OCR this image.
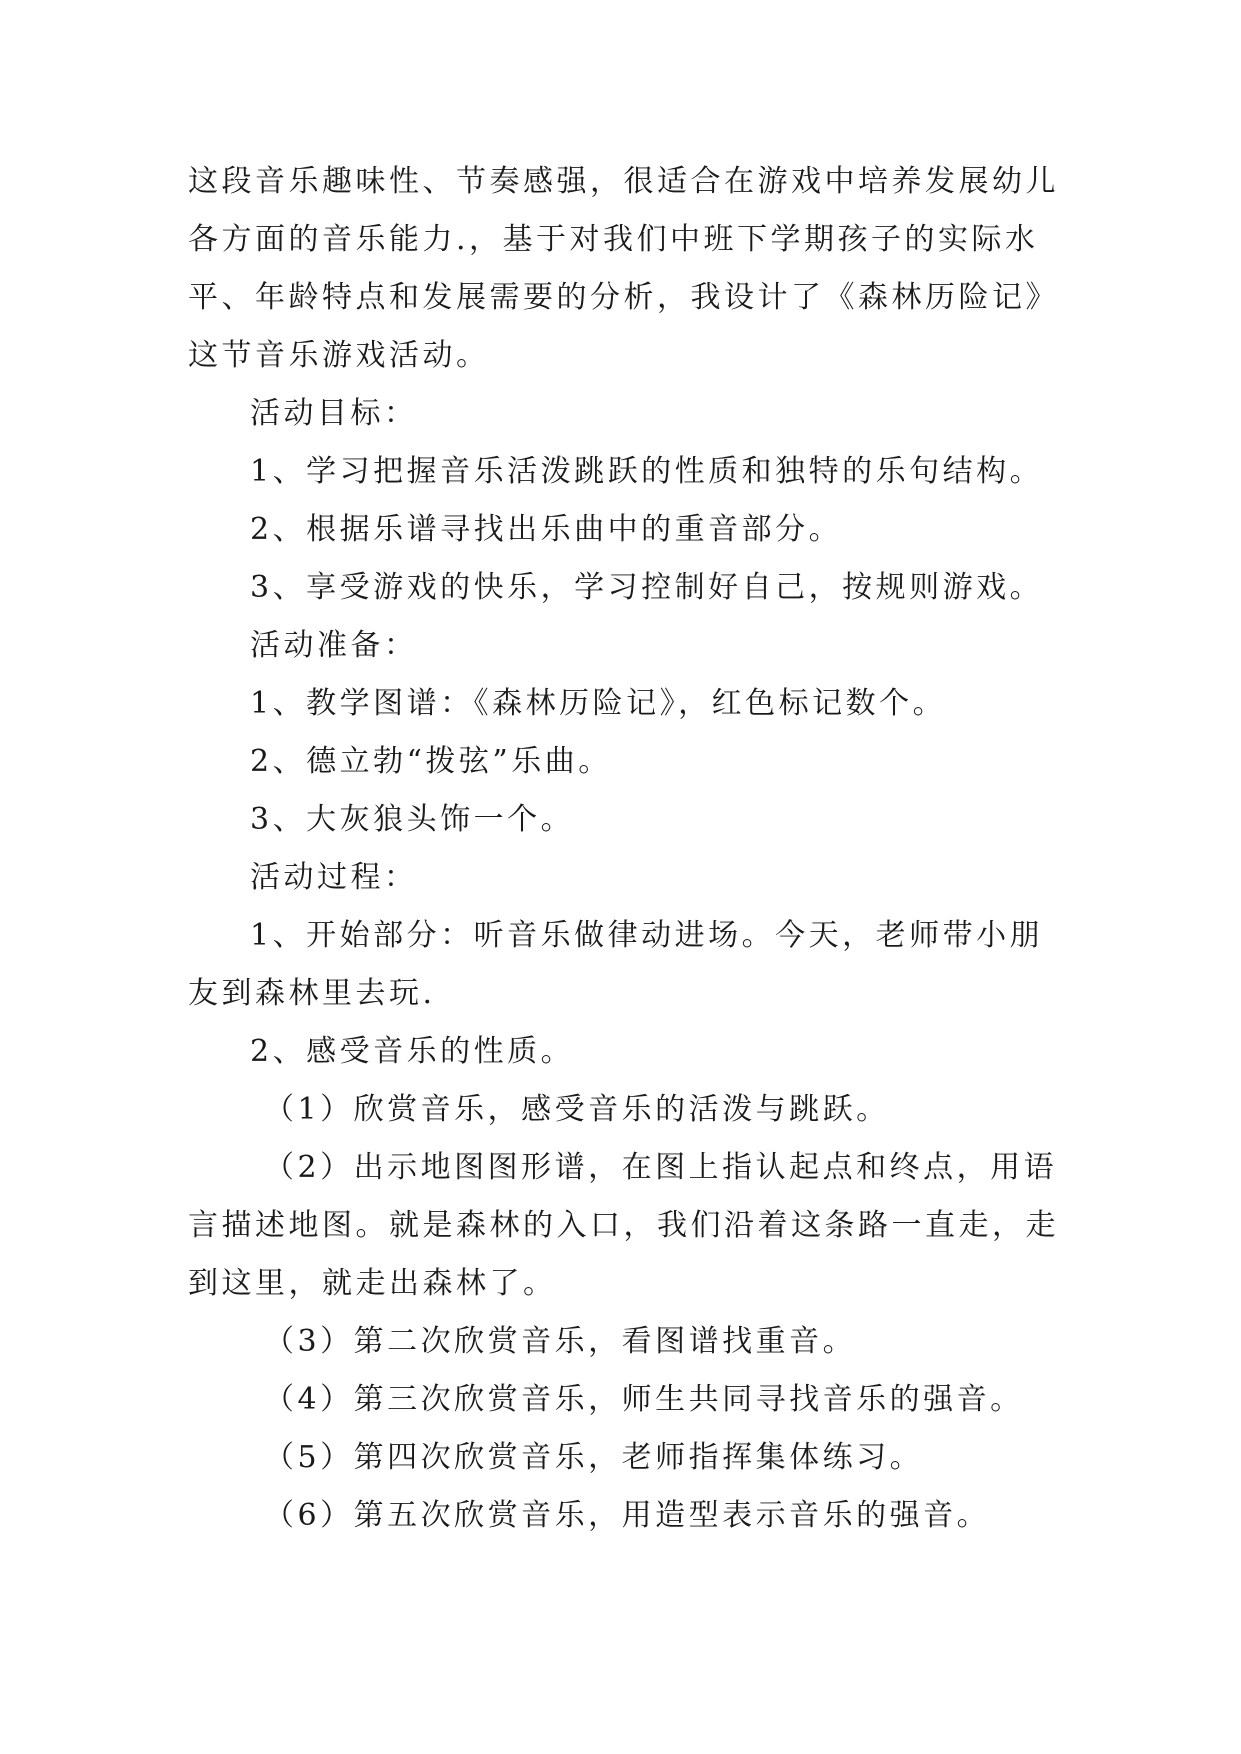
这段音乐趣味性、节奏感强，很适合在游戏中培养发展幼儿各方面的音乐能力.，基于对我们中班下学期孩子的实际水平、年龄特点和发展需要的分析，我设计了《森林历险记》这节音乐游戏活动。

活动目标：

1、学习把握音乐活泼跳跃的性质和独特的乐句结构。

2、根据乐谱寻找出乐曲中的重音部分。

3、享受游戏的快乐，学习控制好自己，按规则游戏。

活动准备：

1、教学图谱：《森林历险记》，红色标记数个。

2、德立勃“拨弦”乐曲。

3、大灰狼头饰一个。

活动过程：

1、开始部分：听音乐做律动进场。今天，老师带小朋友到森林里去玩.

2、感受音乐的性质。

（1）欣赏音乐，感受音乐的活泼与跳跃。

（2）出示地图图形谱，在图上指认起点和终点，用语言描述地图。就是森林的入口，我们沿着这条路一直走，走到这里，就走出森林了。

（3）第二次欣赏音乐，看图谱找重音。

（4）第三次欣赏音乐，师生共同寻找音乐的强音。

（5）第四次欣赏音乐，老师指挥集体练习。

（6）第五次欣赏音乐，用造型表示音乐的强音。
